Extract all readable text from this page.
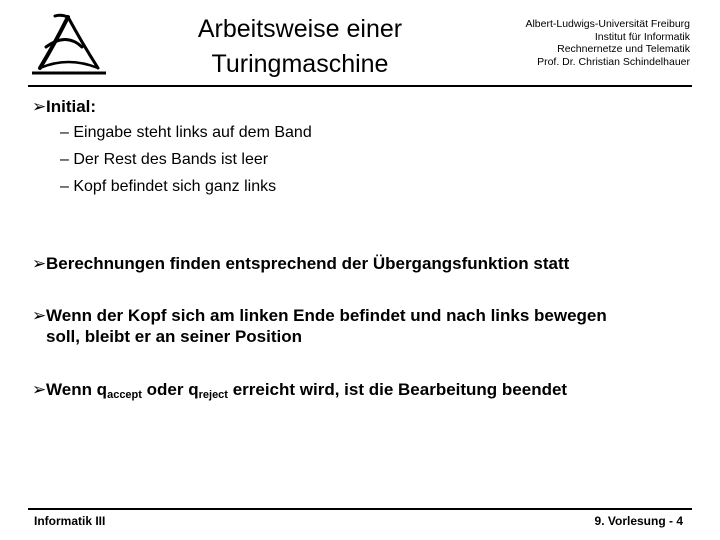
Arbeitsweise einer
Turingmaschine
Albert-Ludwigs-Universität Freiburg
Institut für Informatik
Rechnernetze und Telematik
Prof. Dr. Christian Schindelhauer
➢Initial:
– Eingabe steht links auf dem Band
– Der Rest des Bands ist leer
– Kopf befindet sich ganz links
➢Berechnungen finden entsprechend der Übergangsfunktion statt
➢Wenn der Kopf sich am linken Ende befindet und nach links bewegen
soll, bleibt er an seiner Position
➢Wenn $q_{accept}$ oder $q_{reject}$ erreicht wird, ist die Bearbeitung beendet
Informatik III	9. Vorlesung - 4
